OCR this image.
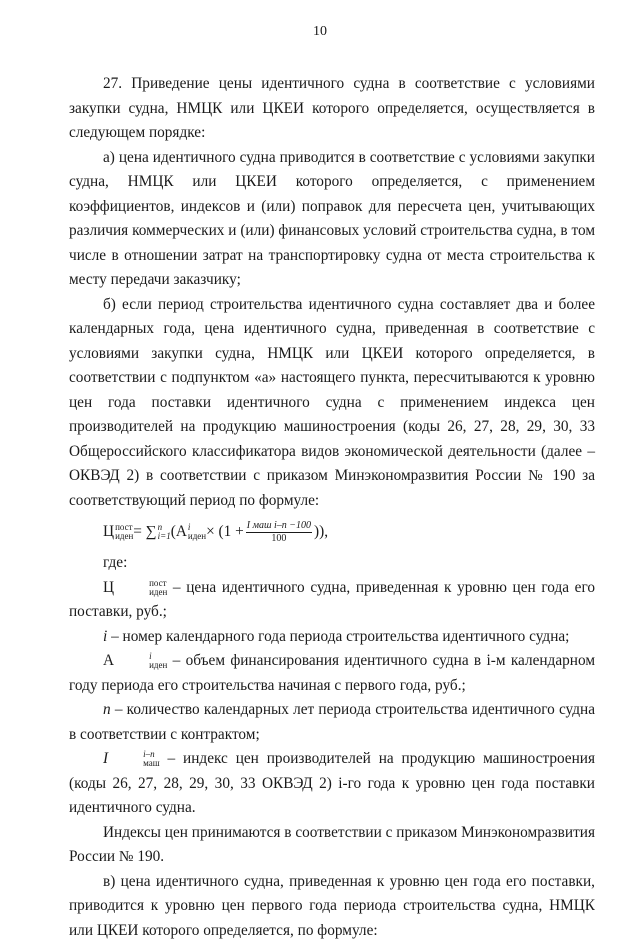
10

27. Приведение цены идентичного судна в соответствие с условиями закупки судна, НМЦК или ЦКЕИ которого определяется, осуществляется в следующем порядке:

а) цена идентичного судна приводится в соответствие с условиями закупки судна, НМЦК или ЦКЕИ которого определяется, с применением коэффициентов, индексов и (или) поправок для пересчета цен, учитывающих различия коммерческих и (или) финансовых условий строительства судна, в том числе в отношении затрат на транспортировку судна от места строительства к месту передачи заказчику;

б) если период строительства идентичного судна составляет два и более календарных года, цена идентичного судна, приведенная в соответствие с условиями закупки судна, НМЦК или ЦКЕИ которого определяется, в соответствии с подпунктом «а» настоящего пункта, пересчитываются к уровню цен года поставки идентичного судна с применением индекса цен производителей на продукцию машиностроения (коды 26, 27, 28, 29, 30, 33 Общероссийского классификатора видов экономической деятельности (далее – ОКВЭД 2) в соответствии с приказом Минэкономразвития России № 190 за соответствующий период по формуле:

Ц пост
иден = ∑ n
i=1 (А i
иден × ($1 + \frac{\text{I маш i–n −100}}{100}$ )),

где:

Ц	пост
иден – цена идентичного судна, приведенная к уровню цен года его поставки, руб.;

i – номер календарного года периода строительства идентичного судна;

А	i
иден – объем финансирования идентичного судна в i-м календарном году периода его строительства начиная с первого года, руб.;

n – количество календарных лет периода строительства идентичного судна в соответствии с контрактом;

I	i–n
маш – индекс цен производителей на продукцию машиностроения (коды 26, 27, 28, 29, 30, 33 ОКВЭД 2) i-го года к уровню цен года поставки идентичного судна.

Индексы цен принимаются в соответствии с приказом Минэкономразвития России № 190.

в) цена идентичного судна, приведенная к уровню цен года его поставки, приводится к уровню цен первого года периода строительства судна, НМЦК или ЦКЕИ которого определяется, по формуле:
